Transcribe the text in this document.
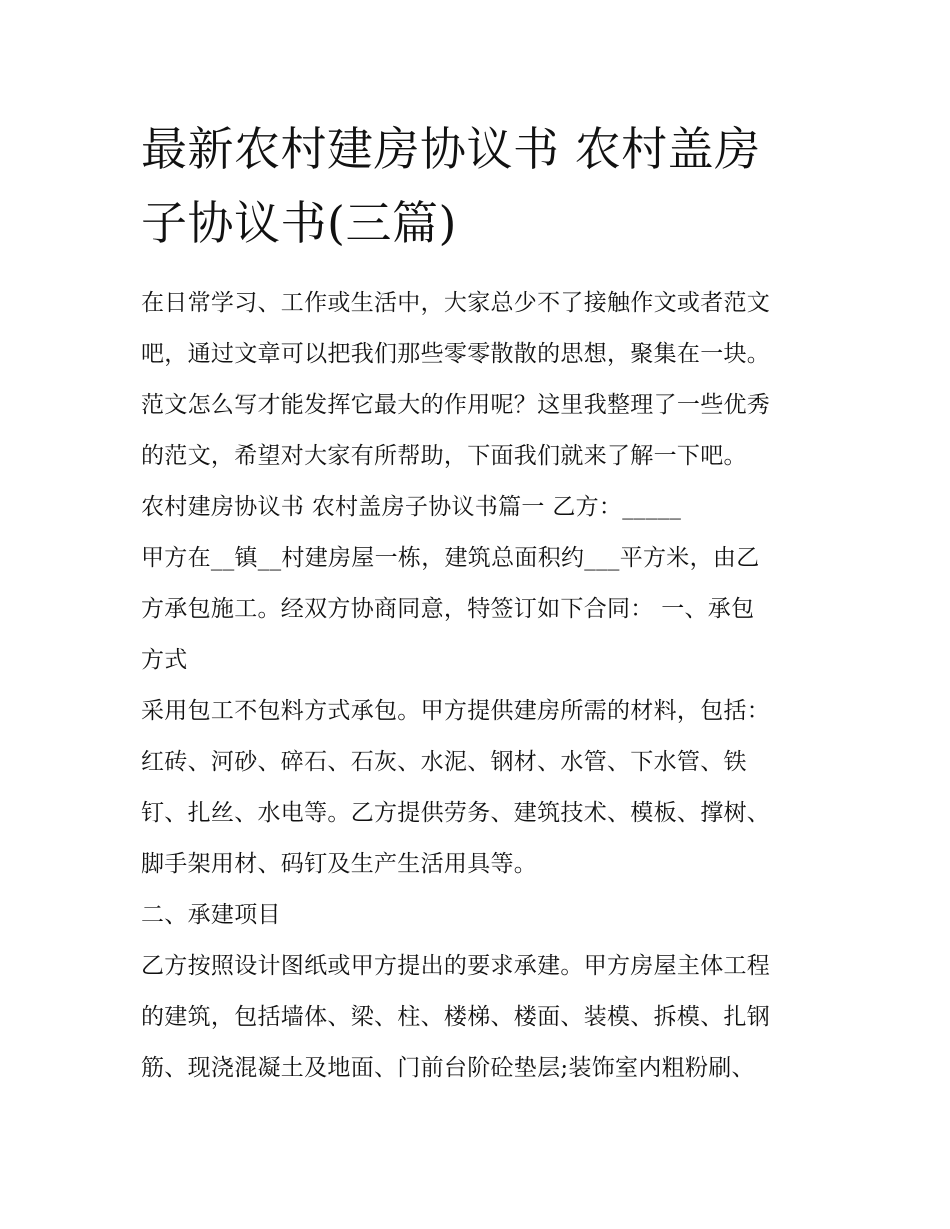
最新农村建房协议书 农村盖房
子协议书(三篇)
在日常学习、工作或生活中，大家总少不了接触作文或者范文
吧，通过文章可以把我们那些零零散散的思想，聚集在一块。
范文怎么写才能发挥它最大的作用呢？这里我整理了一些优秀
的范文，希望对大家有所帮助，下面我们就来了解一下吧。
农村建房协议书 农村盖房子协议书篇一 乙方：_____
甲方在__镇__村建房屋一栋，建筑总面积约___平方米，由乙
方承包施工。经双方协商同意，特签订如下合同： 一、承包
方式
采用包工不包料方式承包。甲方提供建房所需的材料，包括：
红砖、河砂、碎石、石灰、水泥、钢材、水管、下水管、铁
钉、扎丝、水电等。乙方提供劳务、建筑技术、模板、撑树、
脚手架用材、码钉及生产生活用具等。
二、承建项目
乙方按照设计图纸或甲方提出的要求承建。甲方房屋主体工程
的建筑，包括墙体、梁、柱、楼梯、楼面、装模、拆模、扎钢
筋、现浇混凝土及地面、门前台阶砼垫层;装饰室内粗粉刷、
